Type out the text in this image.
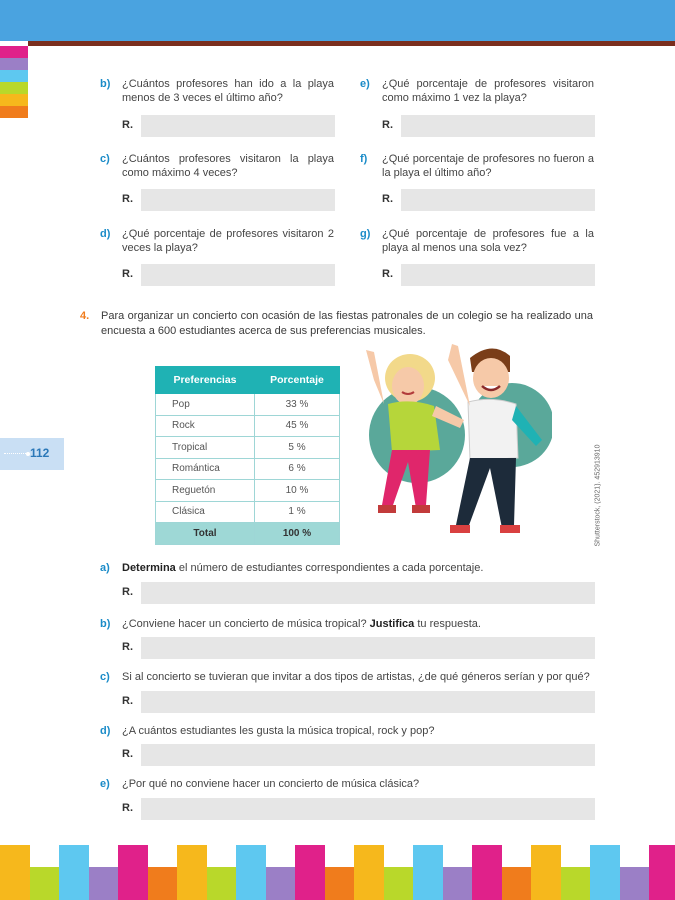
112
b) ¿Cuántos profesores han ido a la playa menos de 3 veces el último año?
R.
e) ¿Qué porcentaje de profesores visitaron como máximo 1 vez la playa?
R.
c) ¿Cuántos profesores visitaron la playa como máximo 4 veces?
R.
f) ¿Qué porcentaje de profesores no fueron a la playa el último año?
R.
d) ¿Qué porcentaje de profesores visitaron 2 veces la playa?
R.
g) ¿Qué porcentaje de profesores fue a la playa al menos una sola vez?
R.
4. Para organizar un concierto con ocasión de las fiestas patronales de un colegio se ha realizado una encuesta a 600 estudiantes acerca de sus preferencias musicales.
Preferencias	Porcentaje
Pop	33 %
Rock	45 %
Tropical	5 %
Romántica	6 %
Reguetón	10 %
Clásica	1 %
Total	100 %	Shutterstock, (2021). 452913910
a) Determina el número de estudiantes correspondientes a cada porcentaje.
R.
b) ¿Conviene hacer un concierto de música tropical? Justifica tu respuesta.
R.
c) Si al concierto se tuvieran que invitar a dos tipos de artistas, ¿de qué géneros serían y por qué?
R.
d) ¿A cuántos estudiantes les gusta la música tropical, rock y pop?
R.
e) ¿Por qué no conviene hacer un concierto de música clásica?
R.
